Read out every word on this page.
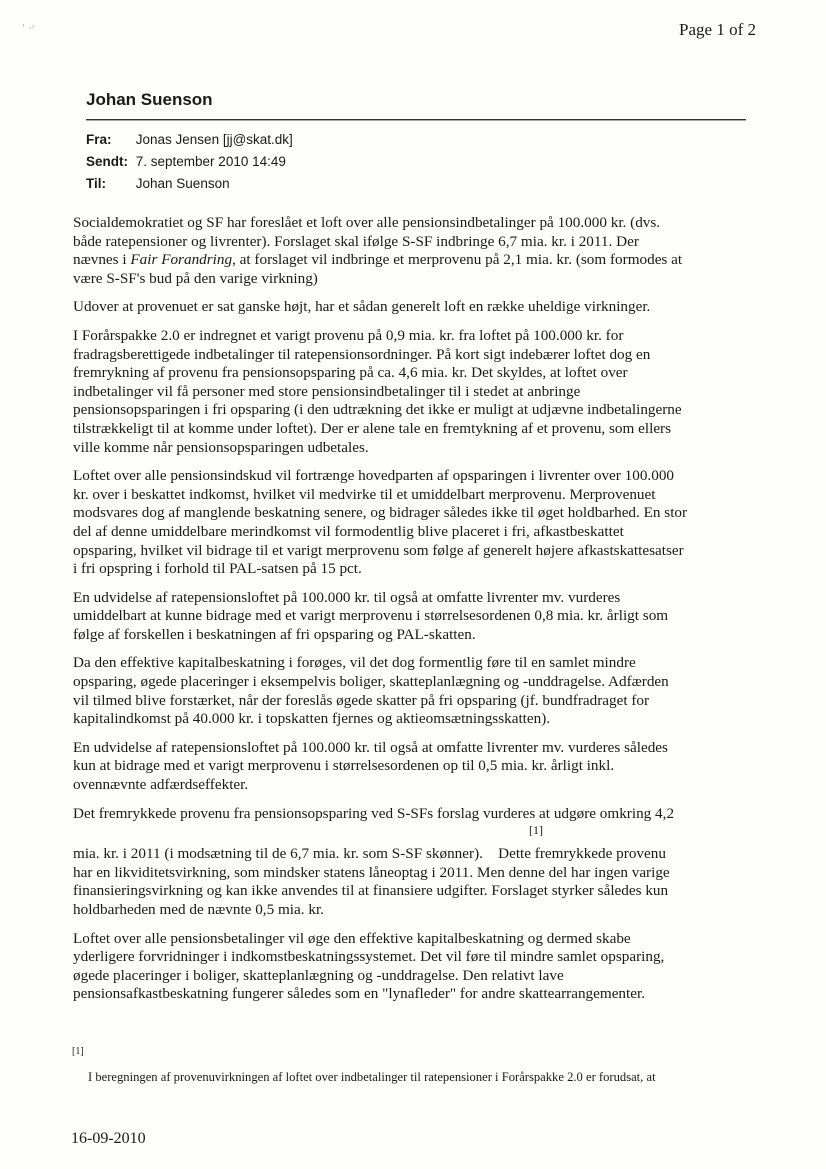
' ·ʳ	Page 1 of 2
Johan Suenson
Fra: Jonas Jensen [jj@skat.dk]
Sendt: 7. september 2010 14:49
Til: Johan Suenson
Socialdemokratiet og SF har foreslået et loft over alle pensionsindbetalinger på 100.000 kr. (dvs.
både ratepensioner og livrenter). Forslaget skal ifølge S-SF indbringe 6,7 mia. kr. i 2011. Der
nævnes i Fair Forandring, at forslaget vil indbringe et merprovenu på 2,1 mia. kr. (som formodes at
være S-SF's bud på den varige virkning)
Udover at provenuet er sat ganske højt, har et sådan generelt loft en række uheldige virkninger.
I Forårspakke 2.0 er indregnet et varigt provenu på 0,9 mia. kr. fra loftet på 100.000 kr. for
fradragsberettigede indbetalinger til ratepensionsordninger. På kort sigt indebærer loftet dog en
fremrykning af provenu fra pensionsopsparing på ca. 4,6 mia. kr. Det skyldes, at loftet over
indbetalinger vil få personer med store pensionsindbetalinger til i stedet at anbringe
pensionsopsparingen i fri opsparing (i den udtrækning det ikke er muligt at udjævne indbetalingerne
tilstrækkeligt til at komme under loftet). Der er alene tale en fremtykning af et provenu, som ellers
ville komme når pensionsopsparingen udbetales.
Loftet over alle pensionsindskud vil fortrænge hovedparten af opsparingen i livrenter over 100.000
kr. over i beskattet indkomst, hvilket vil medvirke til et umiddelbart merprovenu. Merprovenuet
modsvares dog af manglende beskatning senere, og bidrager således ikke til øget holdbarhed. En stor
del af denne umiddelbare merindkomst vil formodentlig blive placeret i fri, afkastbeskattet
opsparing, hvilket vil bidrage til et varigt merprovenu som følge af generelt højere afkastskattesatser
i fri opspring i forhold til PAL-satsen på 15 pct.
En udvidelse af ratepensionsloftet på 100.000 kr. til også at omfatte livrenter mv. vurderes
umiddelbart at kunne bidrage med et varigt merprovenu i størrelsesordenen 0,8 mia. kr. årligt som
følge af forskellen i beskatningen af fri opsparing og PAL-skatten.
Da den effektive kapitalbeskatning i forøges, vil det dog formentlig føre til en samlet mindre
opsparing, øgede placeringer i eksempelvis boliger, skatteplanlægning og -unddragelse. Adfærden
vil tilmed blive forstærket, når der foreslås øgede skatter på fri opsparing (jf. bundfradraget for
kapitalindkomst på 40.000 kr. i topskatten fjernes og aktieomsætningsskatten).
En udvidelse af ratepensionsloftet på 100.000 kr. til også at omfatte livrenter mv. vurderes således
kun at bidrage med et varigt merprovenu i størrelsesordenen op til 0,5 mia. kr. årligt inkl.
ovennævnte adfærdseffekter.
Det fremrykkede provenu fra pensionsopsparing ved S-SFs forslag vurderes at udgøre omkring 4,2
[1]
mia. kr. i 2011 (i modsætning til de 6,7 mia. kr. som S-SF skønner).    Dette fremrykkede provenu
har en likviditetsvirkning, som mindsker statens låneoptag i 2011. Men denne del har ingen varige
finansieringsvirkning og kan ikke anvendes til at finansiere udgifter. Forslaget styrker således kun
holdbarheden med de nævnte 0,5 mia. kr.
Loftet over alle pensionsbetalinger vil øge den effektive kapitalbeskatning og dermed skabe
yderligere forvridninger i indkomstbeskatningssystemet. Det vil føre til mindre samlet opsparing,
øgede placeringer i boliger, skatteplanlægning og -unddragelse. Den relativt lave
pensionsafkastbeskatning fungerer således som en "lynafleder" for andre skattearrangementer.
[1]
I beregningen af provenuvirkningen af loftet over indbetalinger til ratepensioner i Forårspakke 2.0 er forudsat, at
16-09-2010
